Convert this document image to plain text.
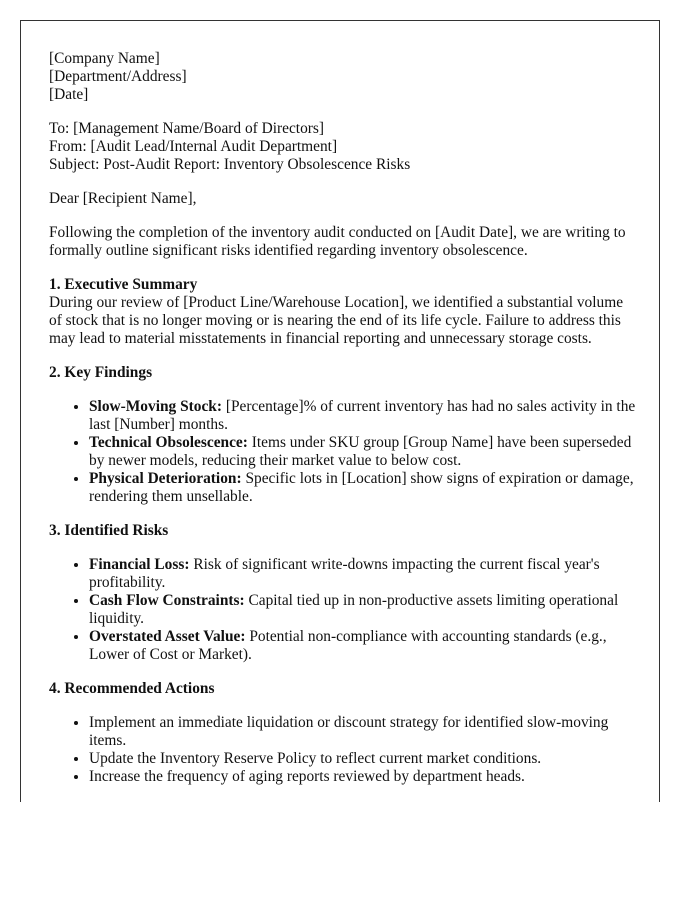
[Company Name]

[Department/Address]

[Date]

To: [Management Name/Board of Directors]

From: [Audit Lead/Internal Audit Department]

Subject: Post-Audit Report: Inventory Obsolescence Risks

Dear [Recipient Name],

Following the completion of the inventory audit conducted on [Audit Date], we are writing to formally outline significant risks identified regarding inventory obsolescence.

1. Executive Summary

During our review of [Product Line/Warehouse Location], we identified a substantial volume of stock that is no longer moving or is nearing the end of its life cycle. Failure to address this may lead to material misstatements in financial reporting and unnecessary storage costs.

2. Key Findings
• Slow-Moving Stock: [Percentage]% of current inventory has had no sales activity in the last [Number] months.
• Technical Obsolescence: Items under SKU group [Group Name] have been superseded by newer models, reducing their market value to below cost.
• Physical Deterioration: Specific lots in [Location] show signs of expiration or damage, rendering them unsellable.
3. Identified Risks
• Financial Loss: Risk of significant write-downs impacting the current fiscal year's profitability.
• Cash Flow Constraints: Capital tied up in non-productive assets limiting operational liquidity.
• Overstated Asset Value: Potential non-compliance with accounting standards (e.g., Lower of Cost or Market).
4. Recommended Actions
• Implement an immediate liquidation or discount strategy for identified slow-moving items.
• Update the Inventory Reserve Policy to reflect current market conditions.
• Increase the frequency of aging reports reviewed by department heads.
